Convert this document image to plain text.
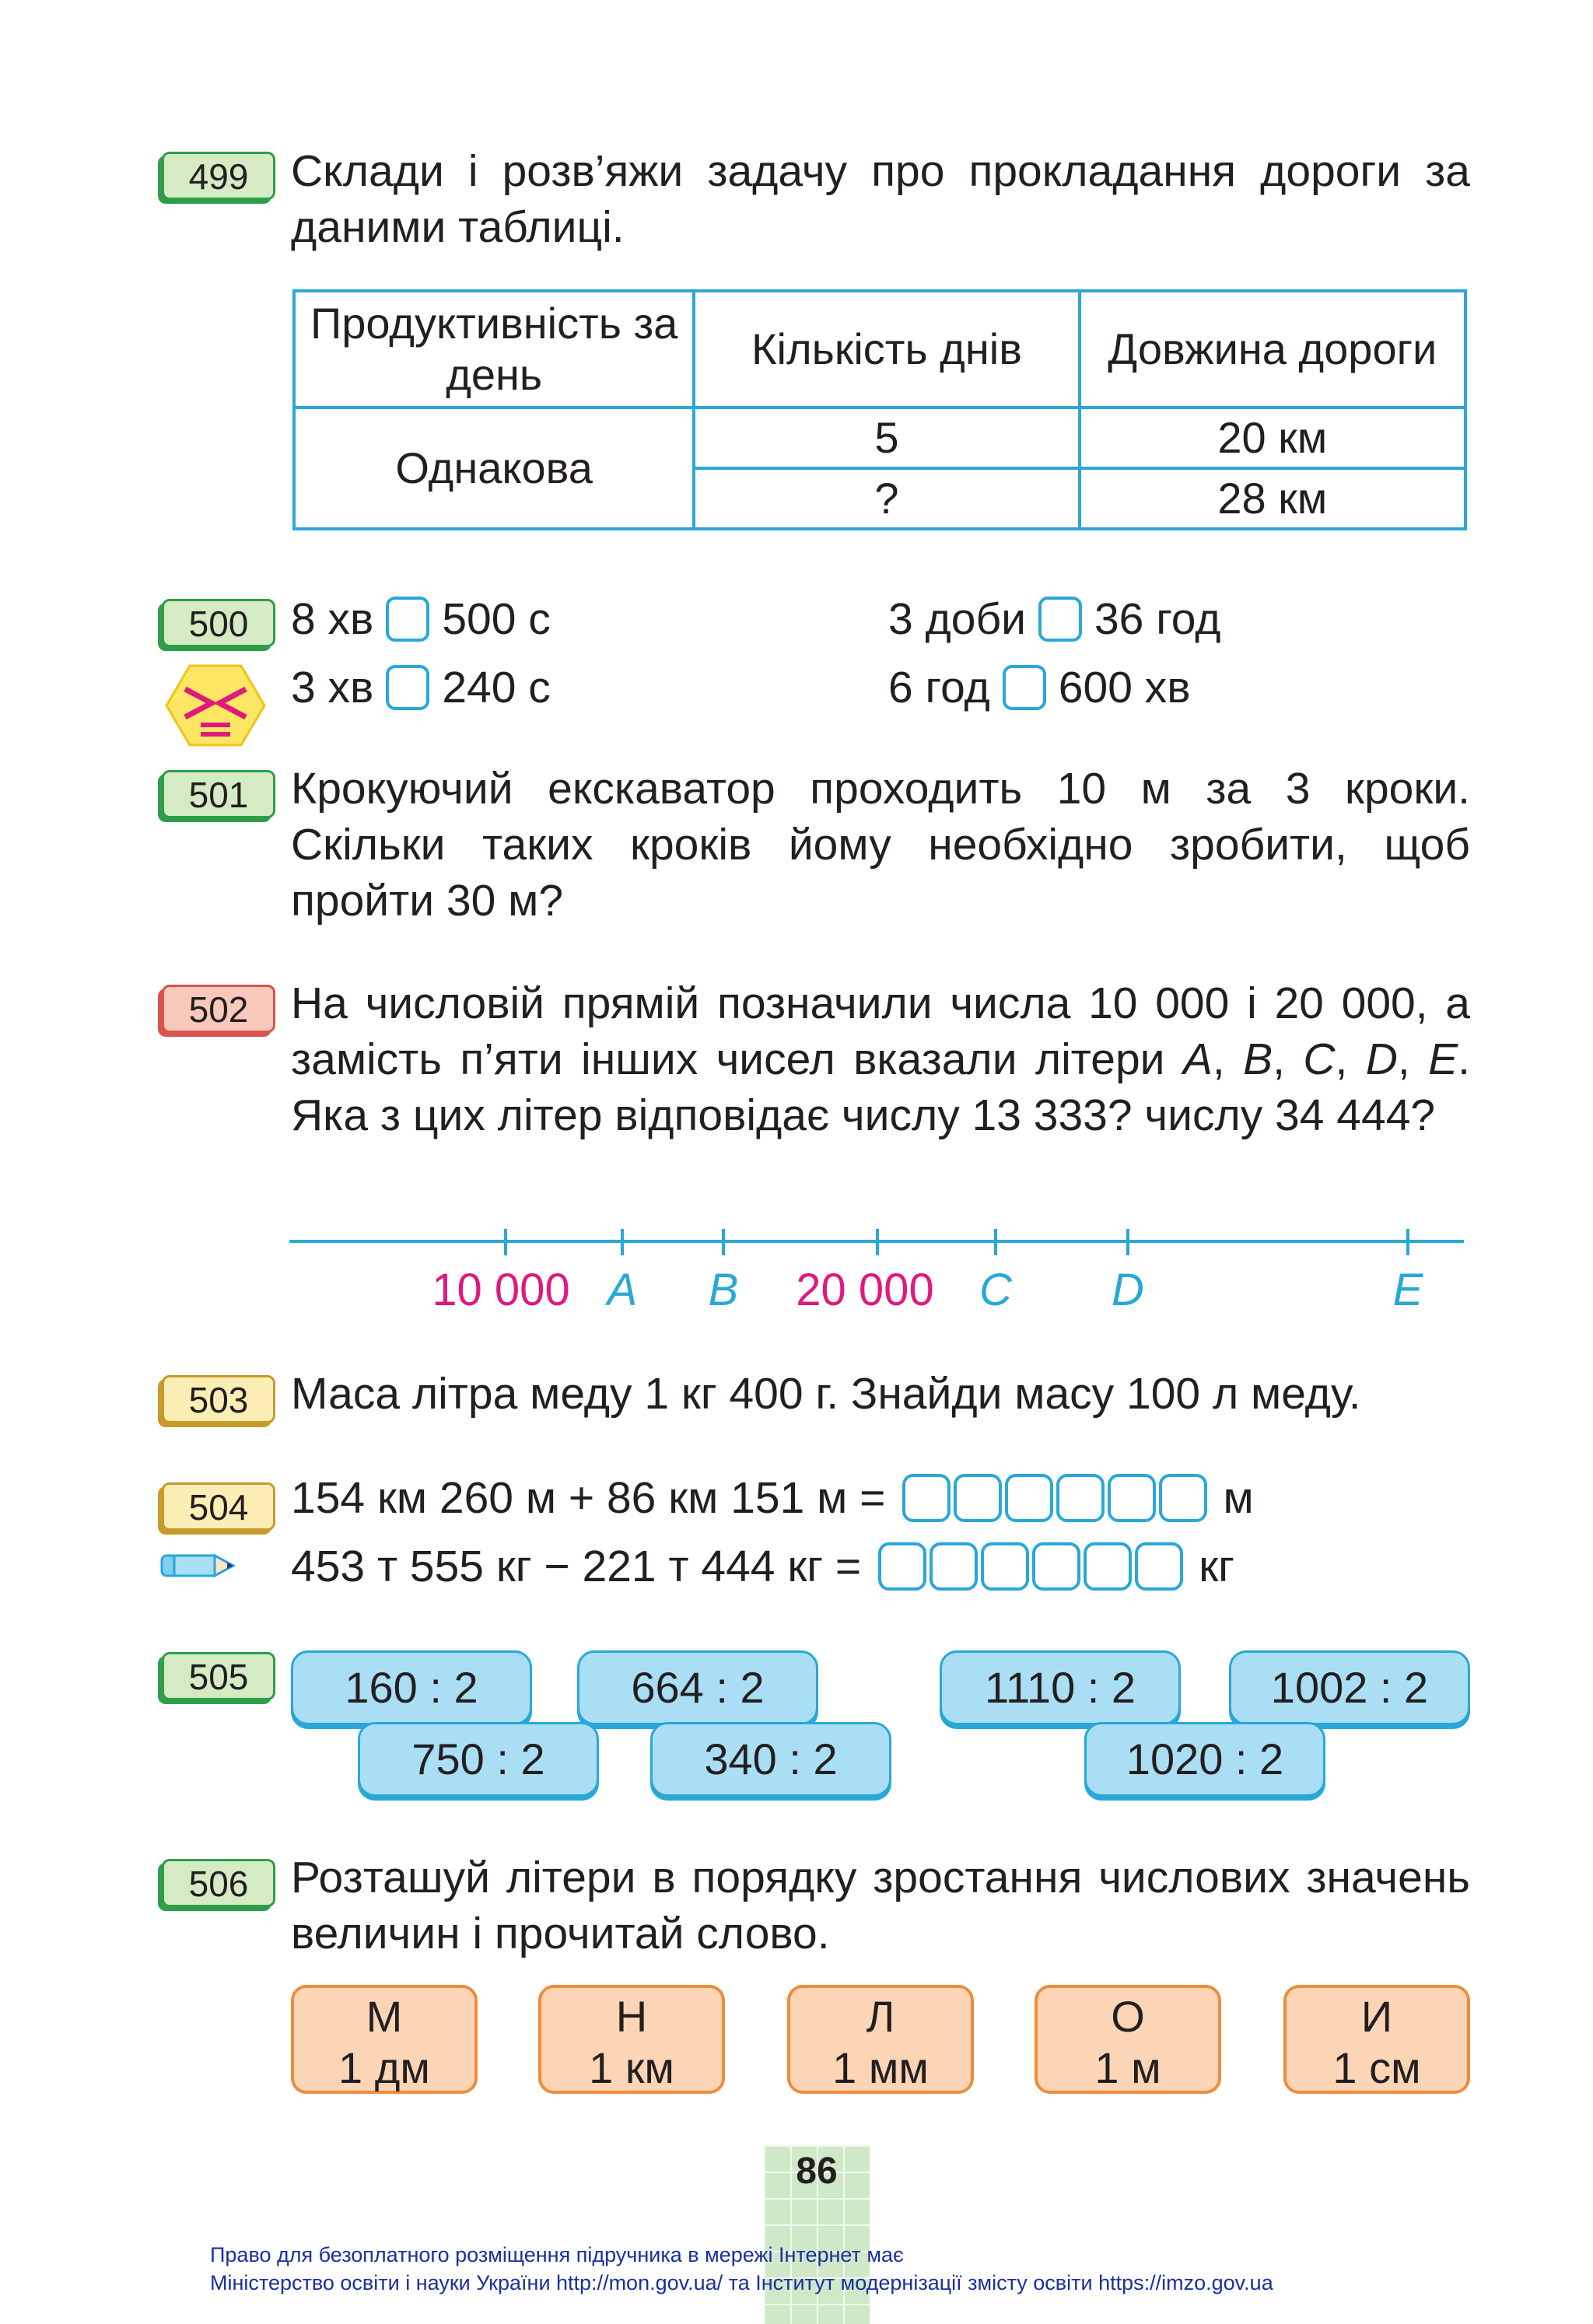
499 Склади і розв’яжи задачу про прокладання дороги за даними таблиці.
Продуктивність за день	Кількість днів	Довжина дороги
Однакова	5	20 км
	?	28 км
500 8 хв 500 с	3 доби 36 год
3 хв 240 с	6 год 600 хв
501 Крокуючий екскаватор проходить 10 м за 3 кроки. Скільки таких кроків йому необхідно зробити, щоб пройти 30 м?
502 На числовій прямій позначили числа 10 000 і 20 000, а замість п’яти інших чисел вказали літери A, B, C, D, E. Яка з цих літер відповідає числу 13 333? числу 34 444?
10 000 A	B	20 000	C	D	E
503 Маса літра меду 1 кг 400 г. Знайди масу 100 л меду.
504 154 км 260 м + 86 км 151 м =	м
453 т 555 кг − 221 т 444 кг =	кг
505	160 : 2	664 : 2	1110 : 2	1002 : 2
750 : 2	340 : 2	1020 : 2
506 Розташуй літери в порядку зростання числових значень величин і прочитай слово.
М
1 дм
Н
1 км
Л
1 мм
О
1 м
И
1 см
86
Право для безоплатного розміщення підручника в мережі Інтернет має
Міністерство освіти і науки України http://mon.gov.ua/ та Інститут модернізації змісту освіти https://imzo.gov.ua
